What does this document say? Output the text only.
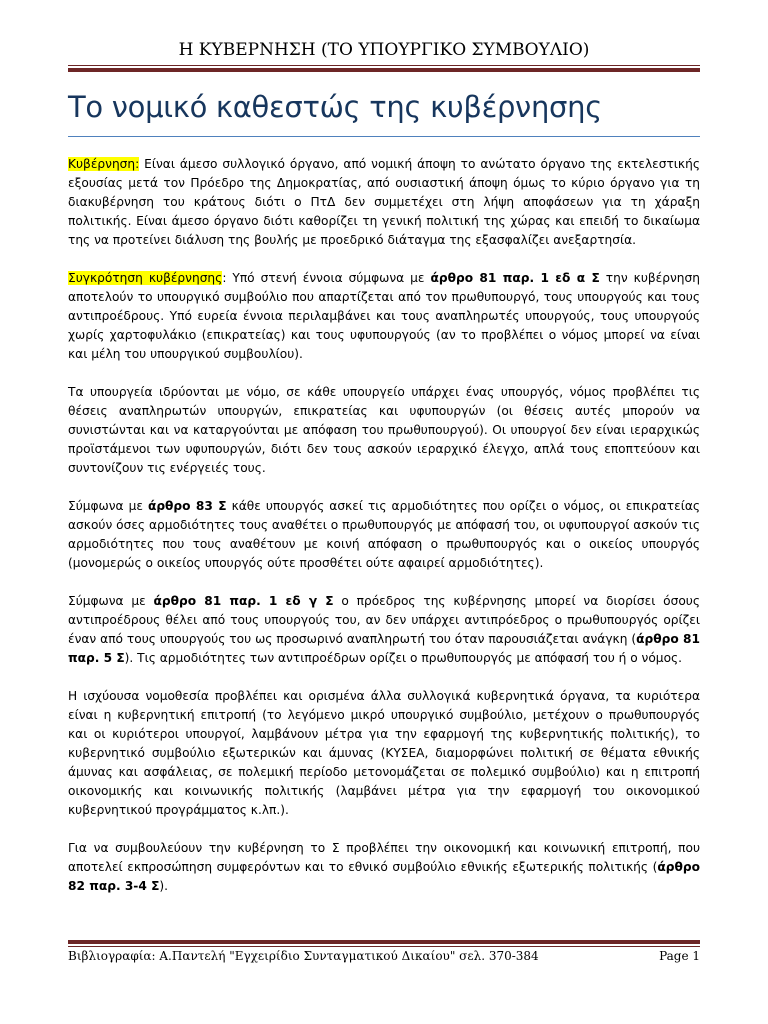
Η ΚΥΒΕΡΝΗΣΗ (ΤΟ ΥΠΟΥΡΓΙΚΟ ΣΥΜΒΟΥΛΙΟ)
Το νομικό καθεστώς της κυβέρνησης

Κυβέρνηση: Είναι άμεσο συλλογικό όργανο, από νομική άποψη το ανώτατο όργανο της εκτελεστικής εξουσίας μετά τον Πρόεδρο της Δημοκρατίας, από ουσιαστική άποψη όμως το κύριο όργανο για τη διακυβέρνηση του κράτους διότι ο ΠτΔ δεν συμμετέχει στη λήψη αποφάσεων για τη χάραξη πολιτικής. Είναι άμεσο όργανο διότι καθορίζει τη γενική πολιτική της χώρας και επειδή το δικαίωμα της να προτείνει διάλυση της βουλής με προεδρικό διάταγμα της εξασφαλίζει ανεξαρτησία.

Συγκρότηση κυβέρνησης: Υπό στενή έννοια σύμφωνα με άρθρο 81 παρ. 1 εδ α Σ την κυβέρνηση αποτελούν το υπουργικό συμβούλιο που απαρτίζεται από τον πρωθυπουργό, τους υπουργούς και τους αντιπροέδρους. Υπό ευρεία έννοια περιλαμβάνει και τους αναπληρωτές υπουργούς, τους υπουργούς χωρίς χαρτοφυλάκιο (επικρατείας) και τους υφυπουργούς (αν το προβλέπει ο νόμος μπορεί να είναι και μέλη του υπουργικού συμβουλίου).

Τα υπουργεία ιδρύονται με νόμο, σε κάθε υπουργείο υπάρχει ένας υπουργός, νόμος προβλέπει τις θέσεις αναπληρωτών υπουργών, επικρατείας και υφυπουργών (οι θέσεις αυτές μπορούν να συνιστώνται και να καταργούνται με απόφαση του πρωθυπουργού). Οι υπουργοί δεν είναι ιεραρχικώς προϊστάμενοι των υφυπουργών, διότι δεν τους ασκούν ιεραρχικό έλεγχο, απλά τους εποπτεύουν και συντονίζουν τις ενέργειές τους.

Σύμφωνα με άρθρο 83 Σ κάθε υπουργός ασκεί τις αρμοδιότητες που ορίζει ο νόμος, οι επικρατείας ασκούν όσες αρμοδιότητες τους αναθέτει ο πρωθυπουργός με απόφασή του, οι υφυπουργοί ασκούν τις αρμοδιότητες που τους αναθέτουν με κοινή απόφαση ο πρωθυπουργός και ο οικείος υπουργός (μονομερώς ο οικείος υπουργός ούτε προσθέτει ούτε αφαιρεί αρμοδιότητες).

Σύμφωνα με άρθρο 81 παρ. 1 εδ γ Σ ο πρόεδρος της κυβέρνησης μπορεί να διορίσει όσους αντιπροέδρους θέλει από τους υπουργούς του, αν δεν υπάρχει αντιπρόεδρος ο πρωθυπουργός ορίζει έναν από τους υπουργούς του ως προσωρινό αναπληρωτή του όταν παρουσιάζεται ανάγκη (άρθρο 81 παρ. 5 Σ). Τις αρμοδιότητες των αντιπροέδρων ορίζει ο πρωθυπουργός με απόφασή του ή ο νόμος.

Η ισχύουσα νομοθεσία προβλέπει και ορισμένα άλλα συλλογικά κυβερνητικά όργανα, τα κυριότερα είναι η κυβερνητική επιτροπή (το λεγόμενο μικρό υπουργικό συμβούλιο, μετέχουν ο πρωθυπουργός και οι κυριότεροι υπουργοί, λαμβάνουν μέτρα για την εφαρμογή της κυβερνητικής πολιτικής), το κυβερνητικό συμβούλιο εξωτερικών και άμυνας (ΚΥΣΕΑ, διαμορφώνει πολιτική σε θέματα εθνικής άμυνας και ασφάλειας, σε πολεμική περίοδο μετονομάζεται σε πολεμικό συμβούλιο) και η επιτροπή οικονομικής και κοινωνικής πολιτικής (λαμβάνει μέτρα για την εφαρμογή του οικονομικού κυβερνητικού προγράμματος κ.λπ.).

Για να συμβουλεύουν την κυβέρνηση το Σ προβλέπει την οικονομική και κοινωνική επιτροπή, που αποτελεί εκπροσώπηση συμφερόντων και το εθνικό συμβούλιο εθνικής εξωτερικής πολιτικής (άρθρο 82 παρ. 3-4 Σ).

Βιβλιογραφία: Α.Παντελή "Εγχειρίδιο Συνταγματικού Δικαίου" σελ. 370-384	Page 1
